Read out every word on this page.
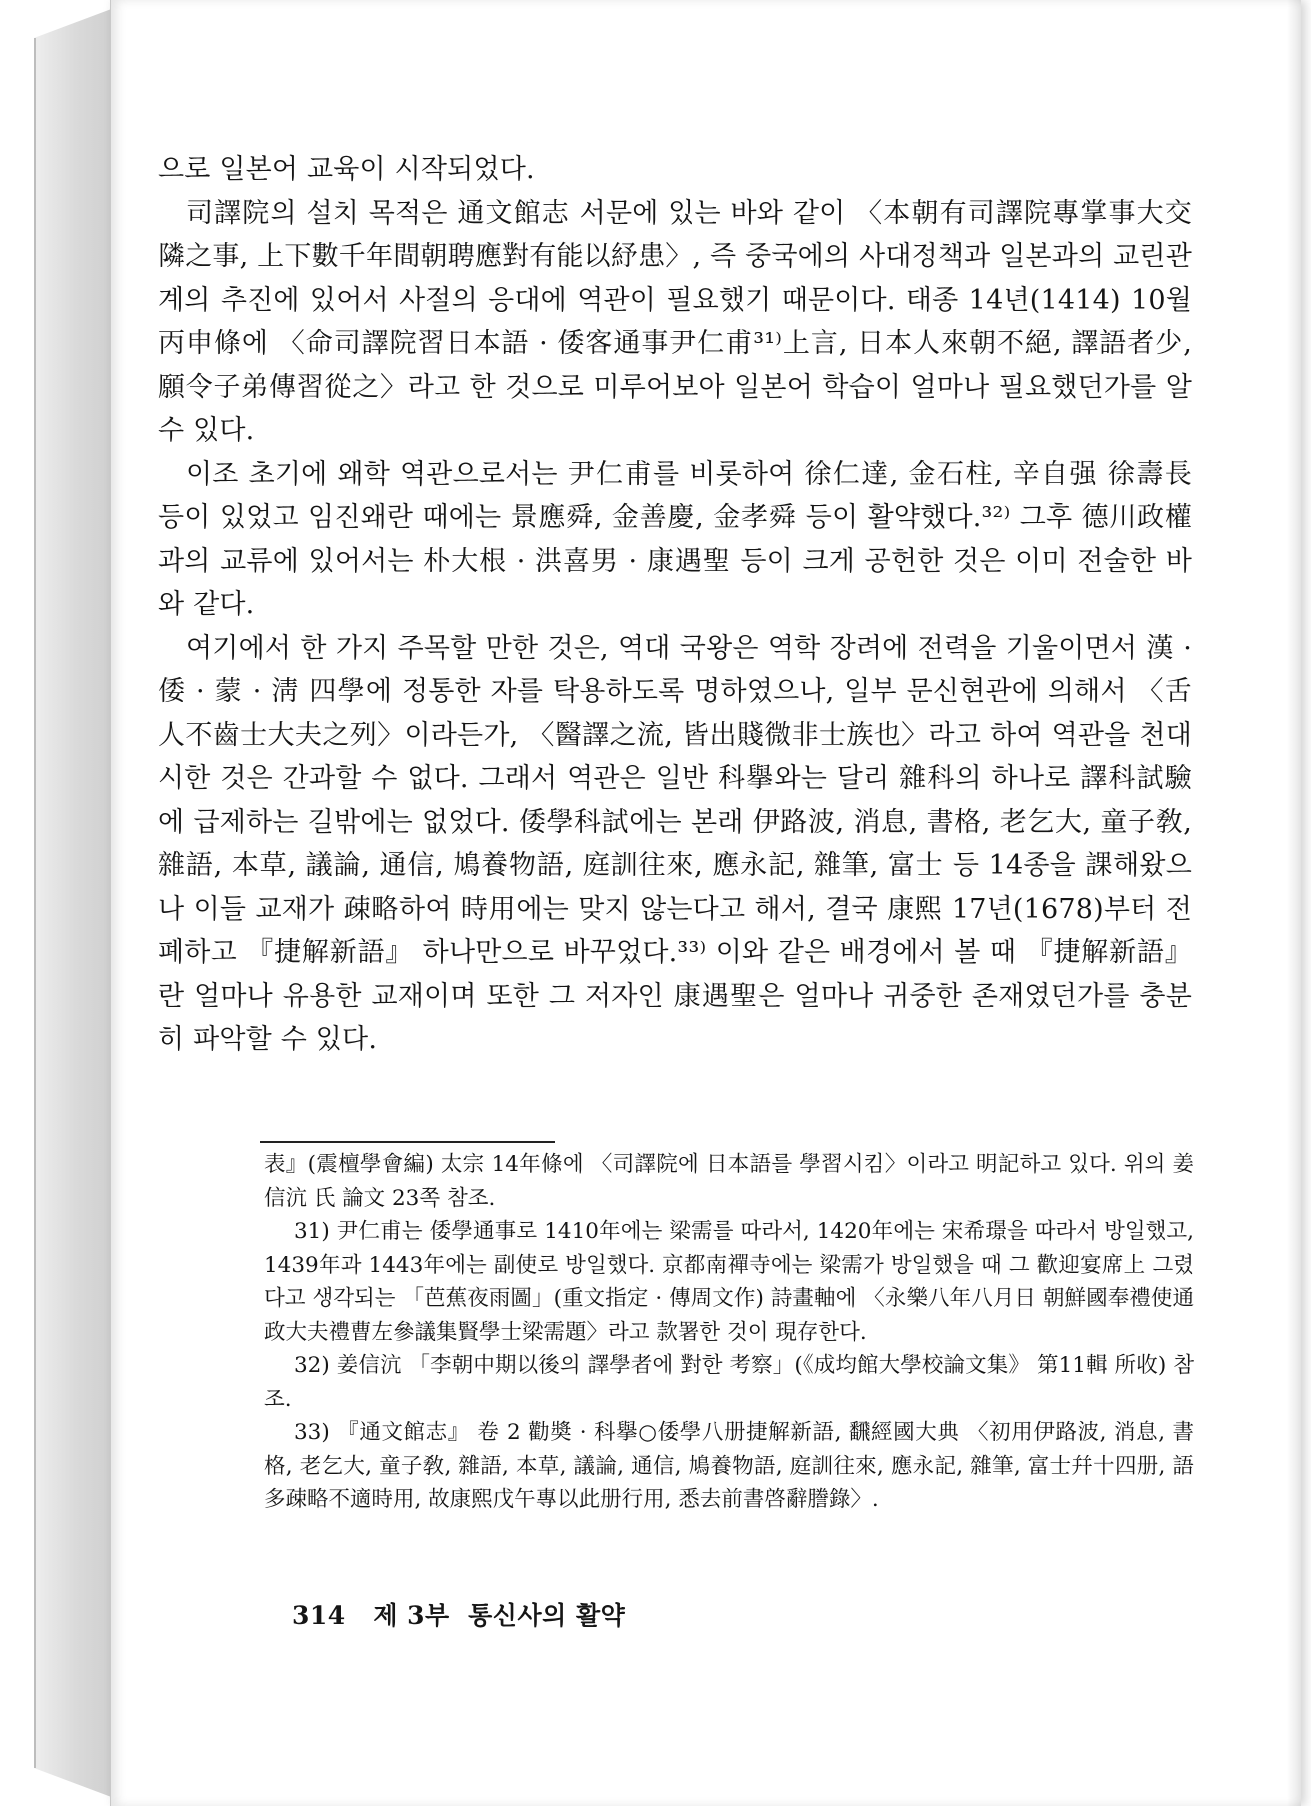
으로 일본어 교육이 시작되었다.

司譯院의 설치 목적은 通文館志 서문에 있는 바와 같이 〈本朝有司譯院專掌事大交隣之事, 上下數千年間朝聘應對有能以紓患〉, 즉 중국에의 사대정책과 일본과의 교린관계의 추진에 있어서 사절의 응대에 역관이 필요했기 때문이다. 태종 14년(1414) 10월 丙申條에 〈命司譯院習日本語 · 倭客通事尹仁甫³¹⁾上言, 日本人來朝不絕, 譯語者少, 願令子弟傳習從之〉라고 한 것으로 미루어보아 일본어 학습이 얼마나 필요했던가를 알 수 있다.

이조 초기에 왜학 역관으로서는 尹仁甫를 비롯하여 徐仁達, 金石柱, 辛自强 徐壽長 등이 있었고 임진왜란 때에는 景應舜, 金善慶, 金孝舜 등이 활약했다.³²⁾ 그후 德川政權과의 교류에 있어서는 朴大根 · 洪喜男 · 康遇聖 등이 크게 공헌한 것은 이미 전술한 바와 같다.

여기에서 한 가지 주목할 만한 것은, 역대 국왕은 역학 장려에 전력을 기울이면서 漢 · 倭 · 蒙 · 淸 四學에 정통한 자를 탁용하도록 명하였으나, 일부 문신현관에 의해서 〈舌人不齒士大夫之列〉이라든가, 〈醫譯之流, 皆出賤微非士族也〉라고 하여 역관을 천대시한 것은 간과할 수 없다. 그래서 역관은 일반 科擧와는 달리 雜科의 하나로 譯科試驗에 급제하는 길밖에는 없었다. 倭學科試에는 본래 伊路波, 消息, 書格, 老乞大, 童子敎, 雜語, 本草, 議論, 通信, 鳩養物語, 庭訓往來, 應永記, 雜筆, 富士 등 14종을 課해왔으나 이들 교재가 疎略하여 時用에는 맞지 않는다고 해서, 결국 康熙 17년(1678)부터 전폐하고 『捷解新語』 하나만으로 바꾸었다.³³⁾ 이와 같은 배경에서 볼 때 『捷解新語』란 얼마나 유용한 교재이며 또한 그 저자인 康遇聖은 얼마나 귀중한 존재였던가를 충분히 파악할 수 있다.

表』(震檀學會編) 太宗 14年條에 〈司譯院에 日本語를 學習시킴〉이라고 明記하고 있다. 위의 姜信沆 氏 論文 23쪽 참조.

31) 尹仁甫는 倭學通事로 1410年에는 梁需를 따라서, 1420年에는 宋希璟을 따라서 방일했고, 1439年과 1443年에는 副使로 방일했다. 京都南禪寺에는 梁需가 방일했을 때 그 歡迎宴席上 그렸다고 생각되는 「芭蕉夜雨圖」(重文指定 · 傳周文作) 詩畫軸에 〈永樂八年八月日 朝鮮國奉禮使通政大夫禮曹左參議集賢學士梁需題〉라고 款署한 것이 現存한다.

32) 姜信沆 「李朝中期以後의 譯學者에 對한 考察」(《成均館大學校論文集》 第11輯 所收) 참조.

33) 『通文館志』 卷 2 勸奬 · 科擧○倭學八册捷解新語, 飜經國大典 〈初用伊路波, 消息, 書格, 老乞大, 童子敎, 雜語, 本草, 議論, 通信, 鳩養物語, 庭訓往來, 應永記, 雜筆, 富士幷十四册, 語多疎略不適時用, 故康熙戊午專以此册行用, 悉去前書啓辭謄錄〉.

314 제 3부 통신사의 활약
